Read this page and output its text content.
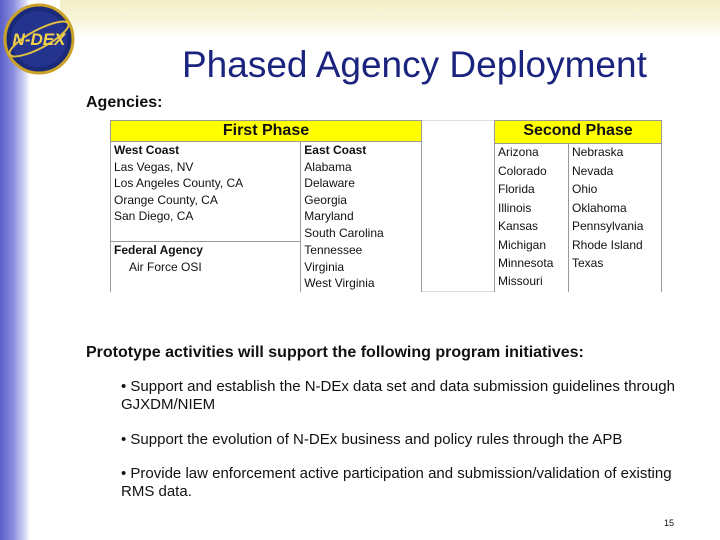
N-DEX
Phased Agency Deployment
Agencies:
First Phase	
West Coast	East Coast
Las Vegas, NV	Alabama
Los Angeles County, CA	Delaware
Orange County, CA	Georgia
San Diego, CA	Maryland
	South Carolina
Federal Agency	Tennessee
Air Force OSI	Virginia
	West Virginia
Second Phase	
Arizona	Nebraska
Colorado	Nevada
Florida	Ohio
Illinois	Oklahoma
Kansas	Pennsylvania
Michigan	Rhode Island
Minnesota	Texas
Missouri	

Prototype activities will support the following program initiatives:
• Support and establish the N-DEx data set and data submission guidelines through GJXDM/NIEM
• Support the evolution of N-DEx business and policy rules through the APB
• Provide law enforcement active participation and submission/validation of existing RMS data.
15
